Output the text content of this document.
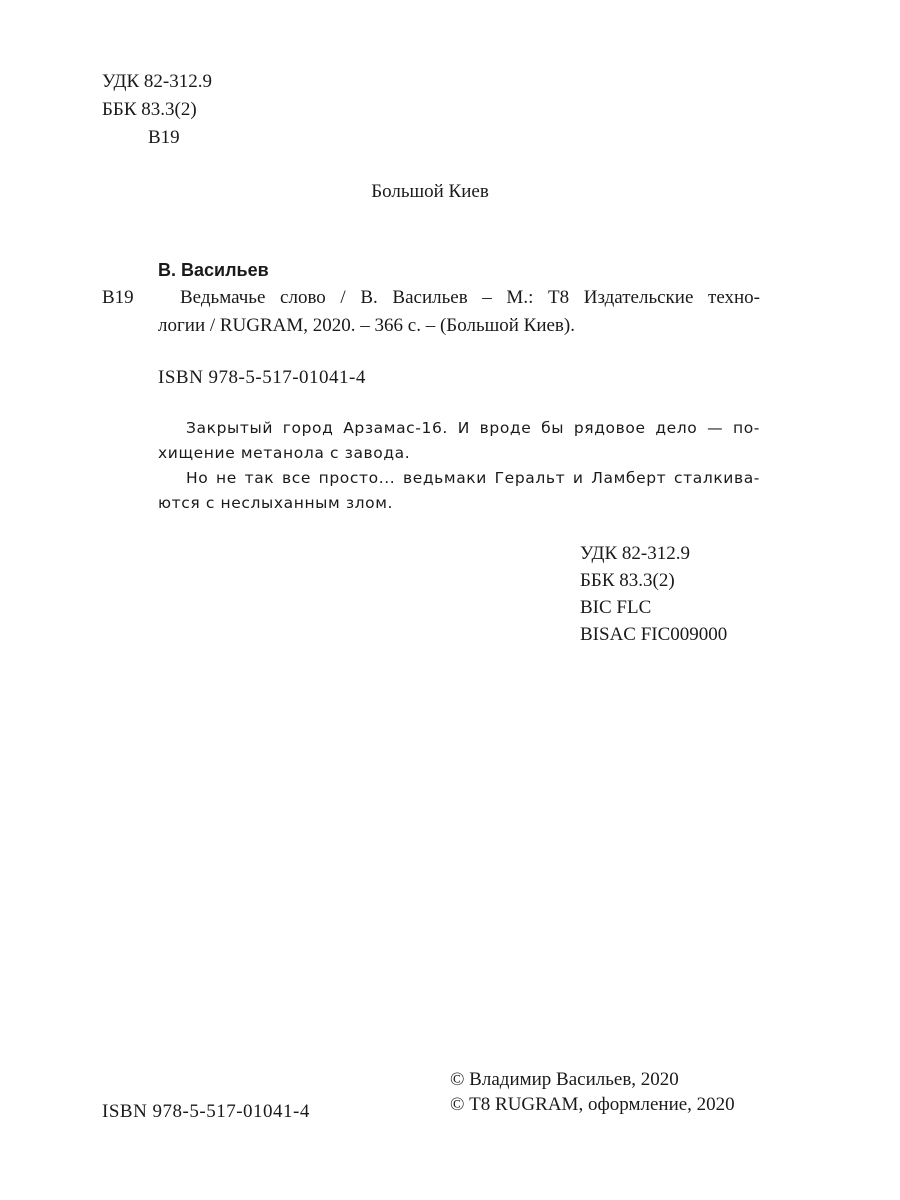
УДК 82-312.9
ББК 83.3(2)
В19
Большой Киев
В. Васильев
В19 Ведьмачье слово / В. Васильев – М.: Т8 Издательские техно-
логии / RUGRAM, 2020. – 366 с. – (Большой Киев).
ISBN 978-5-517-01041-4
Закрытый город Арзамас-16. И вроде бы рядовое дело — по-
хищение метанола с завода.
Но не так все просто... ведьмаки Геральт и Ламберт сталкива-
ются с неслыханным злом.
УДК 82-312.9
ББК 83.3(2)
BIC FLC
BISAC FIC009000
© Владимир Васильев, 2020
© Т8 RUGRAM, оформление, 2020
ISBN 978-5-517-01041-4
